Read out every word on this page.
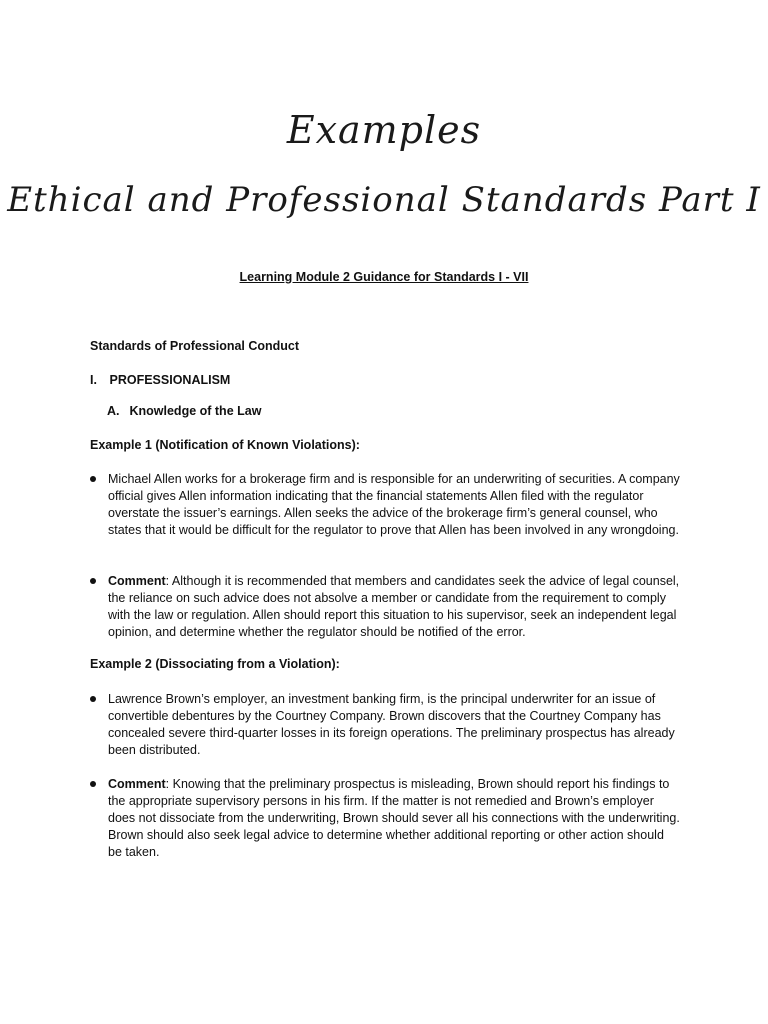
Examples
Ethical and Professional Standards Part I
Learning Module 2 Guidance for Standards I - VII
Standards of Professional Conduct
I. PROFESSIONALISM
A. Knowledge of the Law
Example 1 (Notification of Known Violations):
Michael Allen works for a brokerage firm and is responsible for an underwriting of securities. A company official gives Allen information indicating that the financial statements Allen filed with the regulator overstate the issuer’s earnings. Allen seeks the advice of the brokerage firm’s general counsel, who states that it would be difficult for the regulator to prove that Allen has been involved in any wrongdoing.
Comment: Although it is recommended that members and candidates seek the advice of legal counsel, the reliance on such advice does not absolve a member or candidate from the requirement to comply with the law or regulation. Allen should report this situation to his supervisor, seek an independent legal opinion, and determine whether the regulator should be notified of the error.
Example 2 (Dissociating from a Violation):
Lawrence Brown’s employer, an investment banking firm, is the principal underwriter for an issue of convertible debentures by the Courtney Company. Brown discovers that the Courtney Company has concealed severe third-quarter losses in its foreign operations. The preliminary prospectus has already been distributed.
Comment: Knowing that the preliminary prospectus is misleading, Brown should report his findings to the appropriate supervisory persons in his firm. If the matter is not remedied and Brown’s employer does not dissociate from the underwriting, Brown should sever all his connections with the underwriting. Brown should also seek legal advice to determine whether additional reporting or other action should be taken.
